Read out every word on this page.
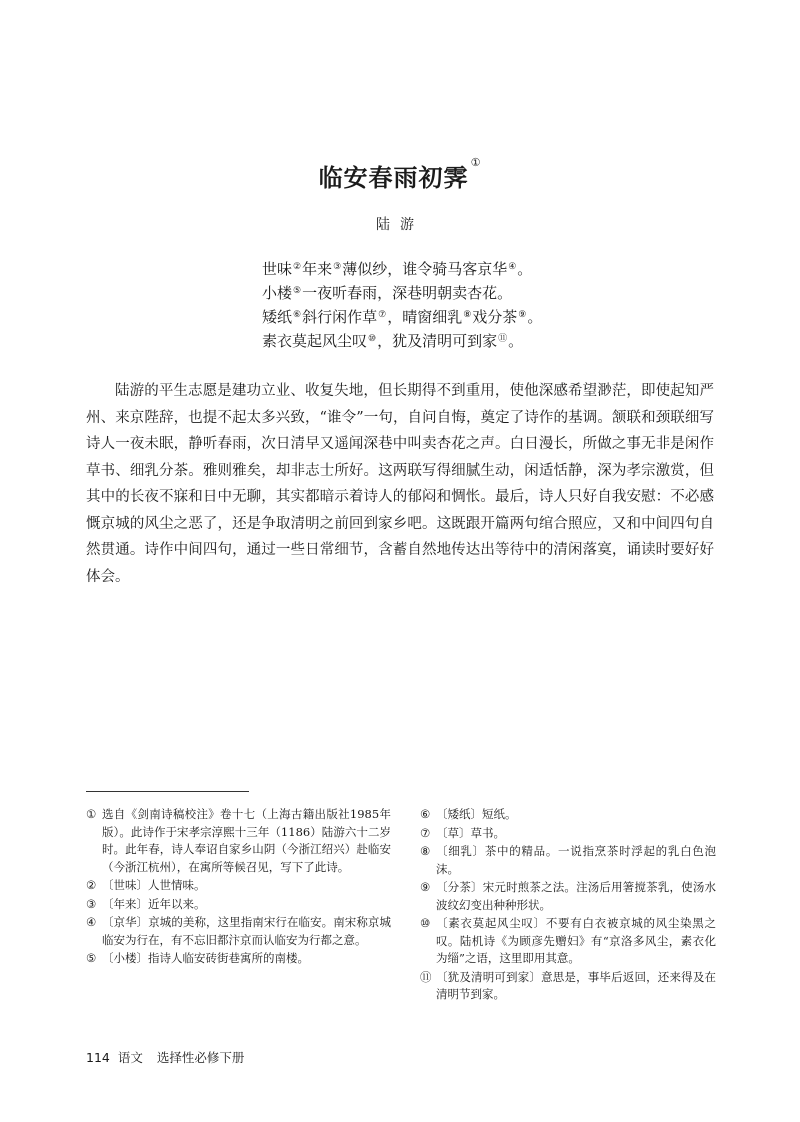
临安春雨初霁①
陆游
世味②年来③薄似纱，谁令骑马客京华④。
小楼⑤一夜听春雨，深巷明朝卖杏花。
矮纸⑥斜行闲作草⑦，晴窗细乳⑧戏分茶⑨。
素衣莫起风尘叹⑩，犹及清明可到家⑪。

陆游的平生志愿是建功立业、收复失地，但长期得不到重用，使他深感希望渺茫，即使起知严州、来京陛辞，也提不起太多兴致，“谁令”一句，自问自悔，奠定了诗作的基调。颔联和颈联细写诗人一夜未眠，静听春雨，次日清早又遥闻深巷中叫卖杏花之声。白日漫长，所做之事无非是闲作草书、细乳分茶。雅则雅矣，却非志士所好。这两联写得细腻生动，闲适恬静，深为孝宗激赏，但其中的长夜不寐和日中无聊，其实都暗示着诗人的郁闷和惆怅。最后，诗人只好自我安慰：不必感慨京城的风尘之恶了，还是争取清明之前回到家乡吧。这既跟开篇两句绾合照应，又和中间四句自然贯通。诗作中间四句，通过一些日常细节，含蓄自然地传达出等待中的清闲落寞，诵读时要好好体会。

① 选自《剑南诗稿校注》卷十七（上海古籍出版社1985年版）。此诗作于宋孝宗淳熙十三年（1186）陆游六十二岁时。此年春，诗人奉诏自家乡山阴（今浙江绍兴）赴临安（今浙江杭州），在寓所等候召见，写下了此诗。
② 〔世味〕人世情味。
③ 〔年来〕近年以来。
④ 〔京华〕京城的美称，这里指南宋行在临安。南宋称京城临安为行在，有不忘旧都汴京而认临安为行都之意。
⑤ 〔小楼〕指诗人临安砖街巷寓所的南楼。
⑥ 〔矮纸〕短纸。
⑦ 〔草〕草书。
⑧ 〔细乳〕茶中的精品。一说指烹茶时浮起的乳白色泡沫。
⑨ 〔分茶〕宋元时煎茶之法。注汤后用箸搅茶乳，使汤水波纹幻变出种种形状。
⑩ 〔素衣莫起风尘叹〕不要有白衣被京城的风尘染黑之叹。陆机诗《为顾彦先赠妇》有“京洛多风尘，素衣化为缁”之语，这里即用其意。
⑪ 〔犹及清明可到家〕意思是，事毕后返回，还来得及在清明节到家。
114 语文 选择性必修下册
